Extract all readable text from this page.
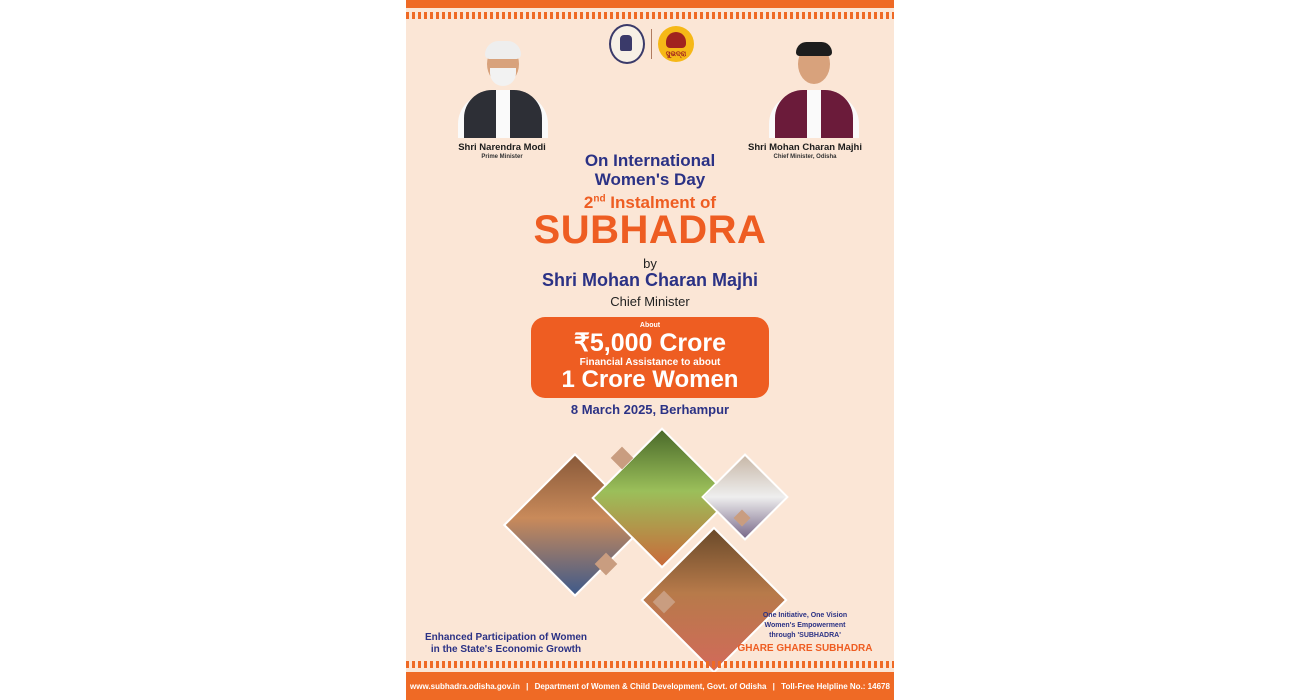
ସୁଭଦ୍ରା
Shri Narendra Modi
Prime Minister
Shri Mohan Charan Majhi
Chief Minister, Odisha
On International
Women's Day
2nd Instalment of
SUBHADRA
by
Shri Mohan Charan Majhi
Chief Minister
About
₹5,000 Crore
Financial Assistance to about
1 Crore Women
8 March 2025, Berhampur
Enhanced Participation of Women
in the State's Economic Growth
One Initiative, One Vision
Women's Empowerment
through 'SUBHADRA'
GHARE GHARE SUBHADRA
www.subhadra.odisha.gov.in | Department of Women & Child Development, Govt. of Odisha | Toll-Free Helpline No.: 14678
